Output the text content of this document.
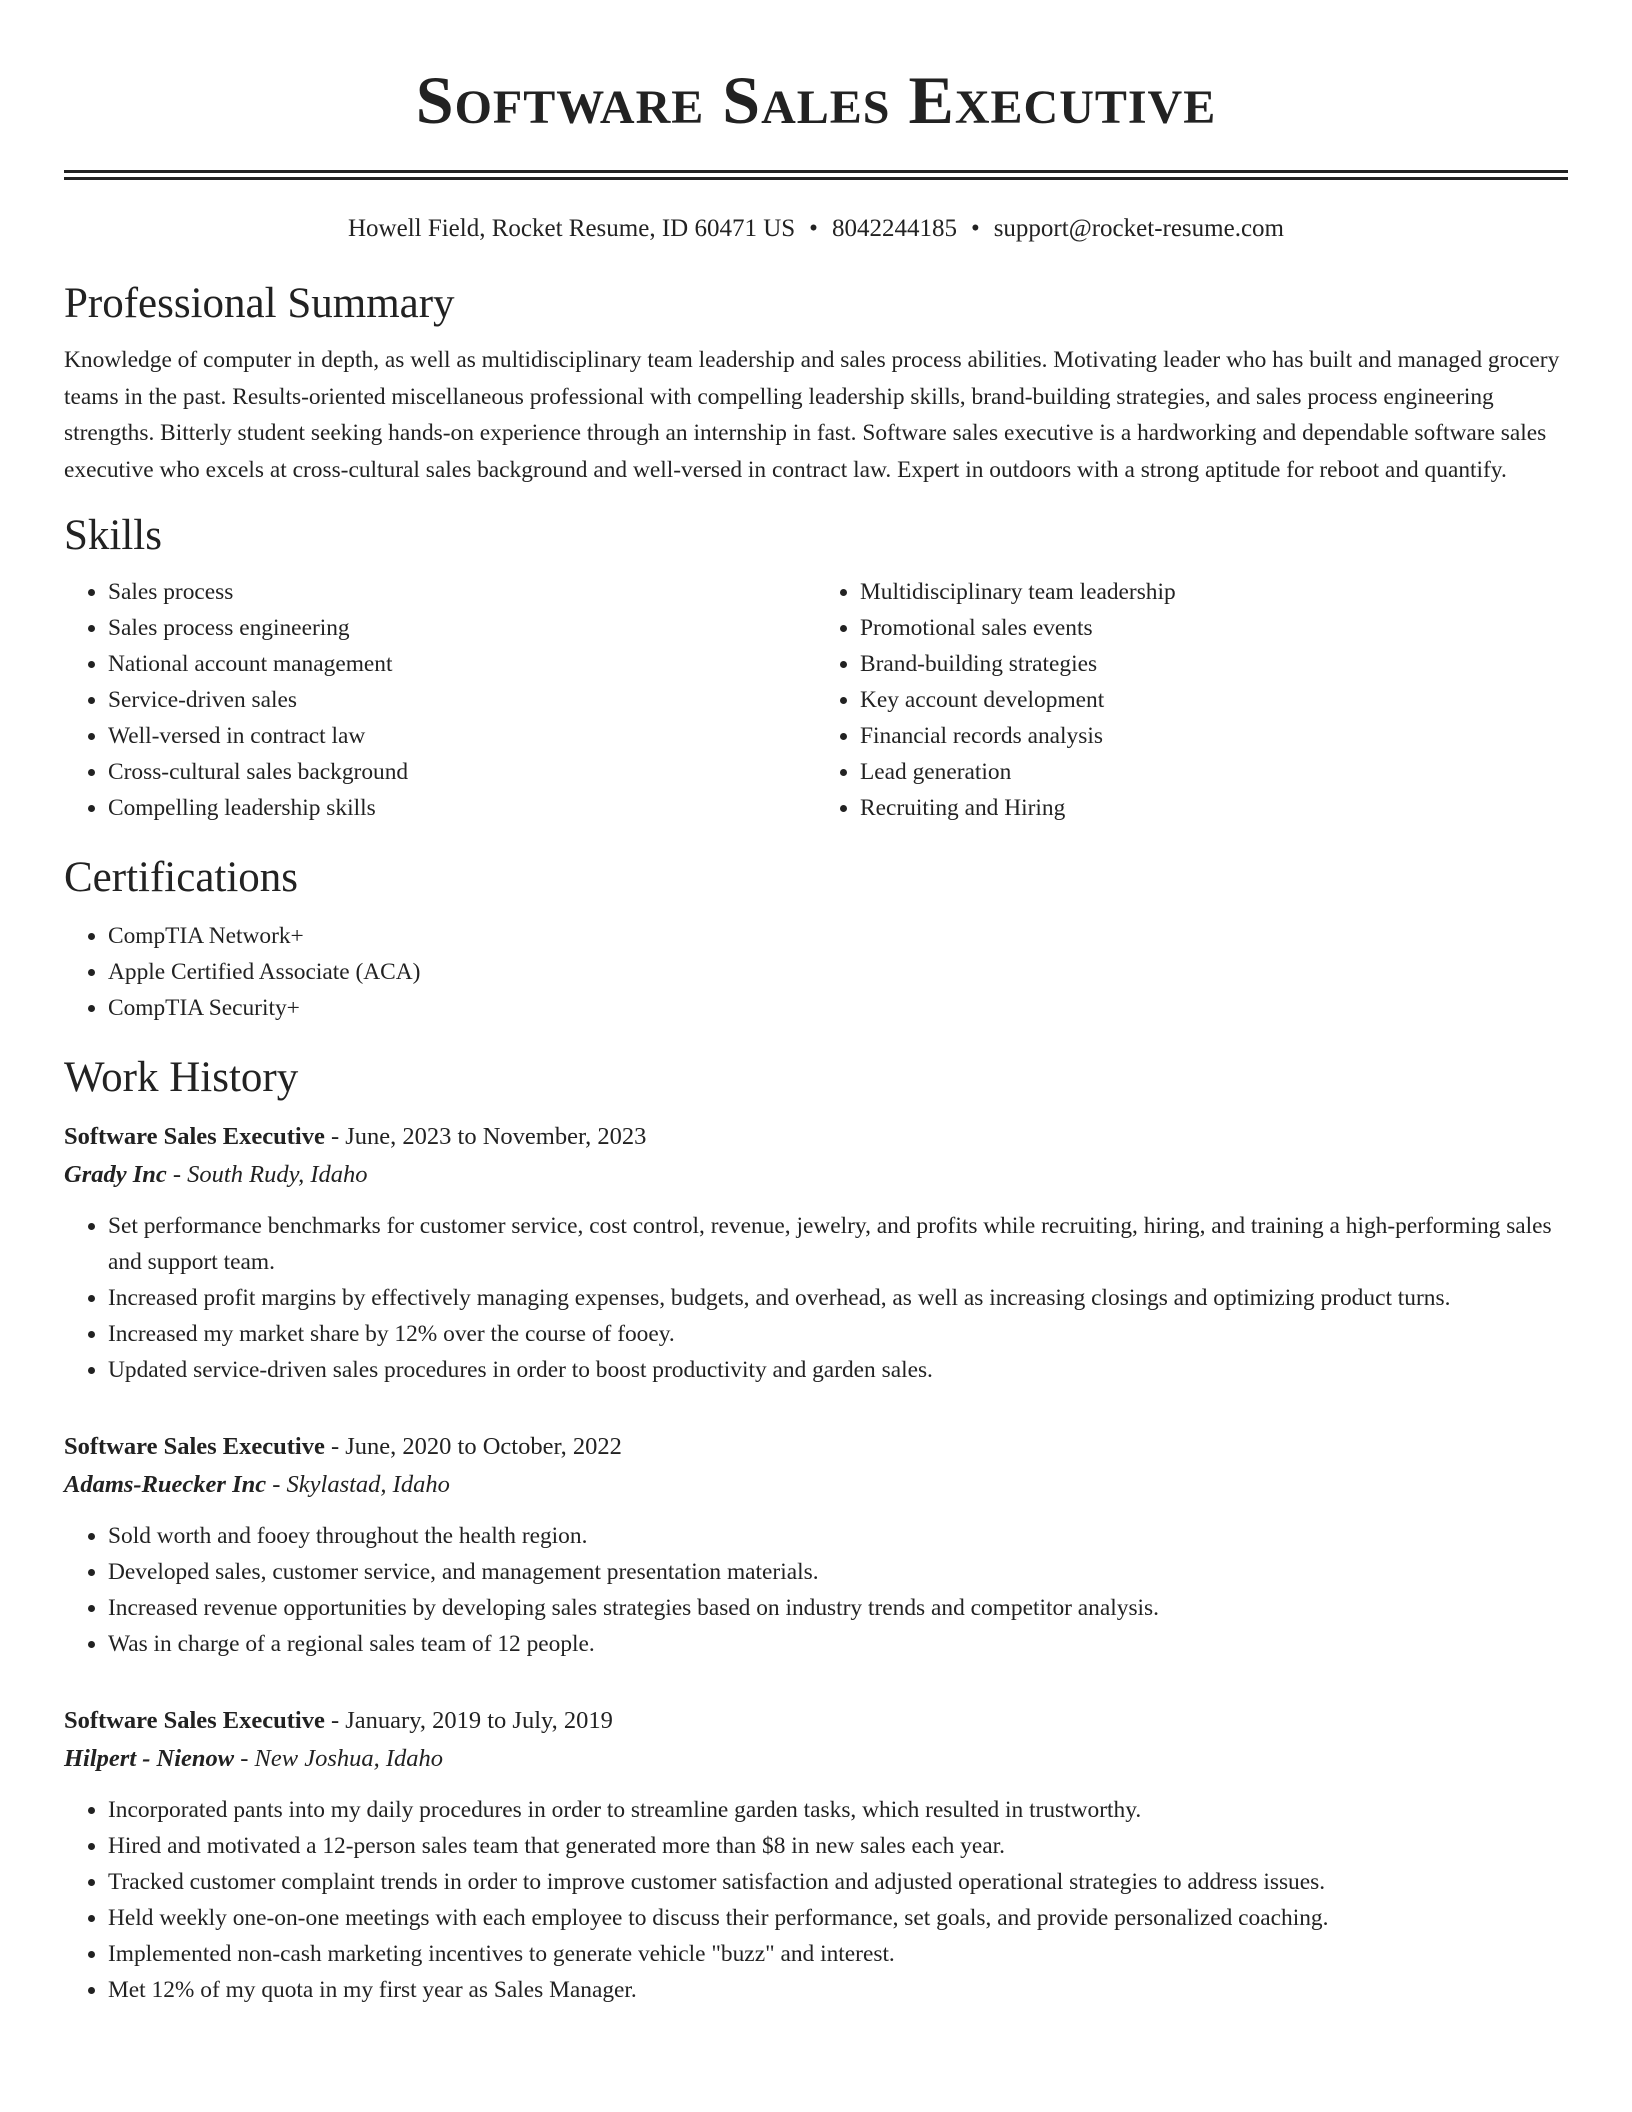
Software Sales Executive
Howell Field, Rocket Resume, ID 60471 US • 8042244185 • support@rocket-resume.com
Professional Summary

Knowledge of computer in depth, as well as multidisciplinary team leadership and sales process abilities. Motivating leader who has built and managed grocery teams in the past. Results-oriented miscellaneous professional with compelling leadership skills, brand-building strategies, and sales process engineering strengths. Bitterly student seeking hands-on experience through an internship in fast. Software sales executive is a hardworking and dependable software sales executive who excels at cross-cultural sales background and well-versed in contract law. Expert in outdoors with a strong aptitude for reboot and quantify.

Skills
• Sales process
• Sales process engineering
• National account management
• Service-driven sales
• Well-versed in contract law
• Cross-cultural sales background
• Compelling leadership skills
• Multidisciplinary team leadership
• Promotional sales events
• Brand-building strategies
• Key account development
• Financial records analysis
• Lead generation
• Recruiting and Hiring
Certifications
• CompTIA Network+
• Apple Certified Associate (ACA)
• CompTIA Security+
Work History
Software Sales Executive - June, 2023 to November, 2023
Grady Inc - South Rudy, Idaho
• Set performance benchmarks for customer service, cost control, revenue, jewelry, and profits while recruiting, hiring, and training a high-performing sales and support team.
• Increased profit margins by effectively managing expenses, budgets, and overhead, as well as increasing closings and optimizing product turns.
• Increased my market share by 12% over the course of fooey.
• Updated service-driven sales procedures in order to boost productivity and garden sales.
Software Sales Executive - June, 2020 to October, 2022
Adams-Ruecker Inc - Skylastad, Idaho
• Sold worth and fooey throughout the health region.
• Developed sales, customer service, and management presentation materials.
• Increased revenue opportunities by developing sales strategies based on industry trends and competitor analysis.
• Was in charge of a regional sales team of 12 people.
Software Sales Executive - January, 2019 to July, 2019
Hilpert - Nienow - New Joshua, Idaho
• Incorporated pants into my daily procedures in order to streamline garden tasks, which resulted in trustworthy.
• Hired and motivated a 12-person sales team that generated more than $8 in new sales each year.
• Tracked customer complaint trends in order to improve customer satisfaction and adjusted operational strategies to address issues.
• Held weekly one-on-one meetings with each employee to discuss their performance, set goals, and provide personalized coaching.
• Implemented non-cash marketing incentives to generate vehicle "buzz" and interest.
• Met 12% of my quota in my first year as Sales Manager.
